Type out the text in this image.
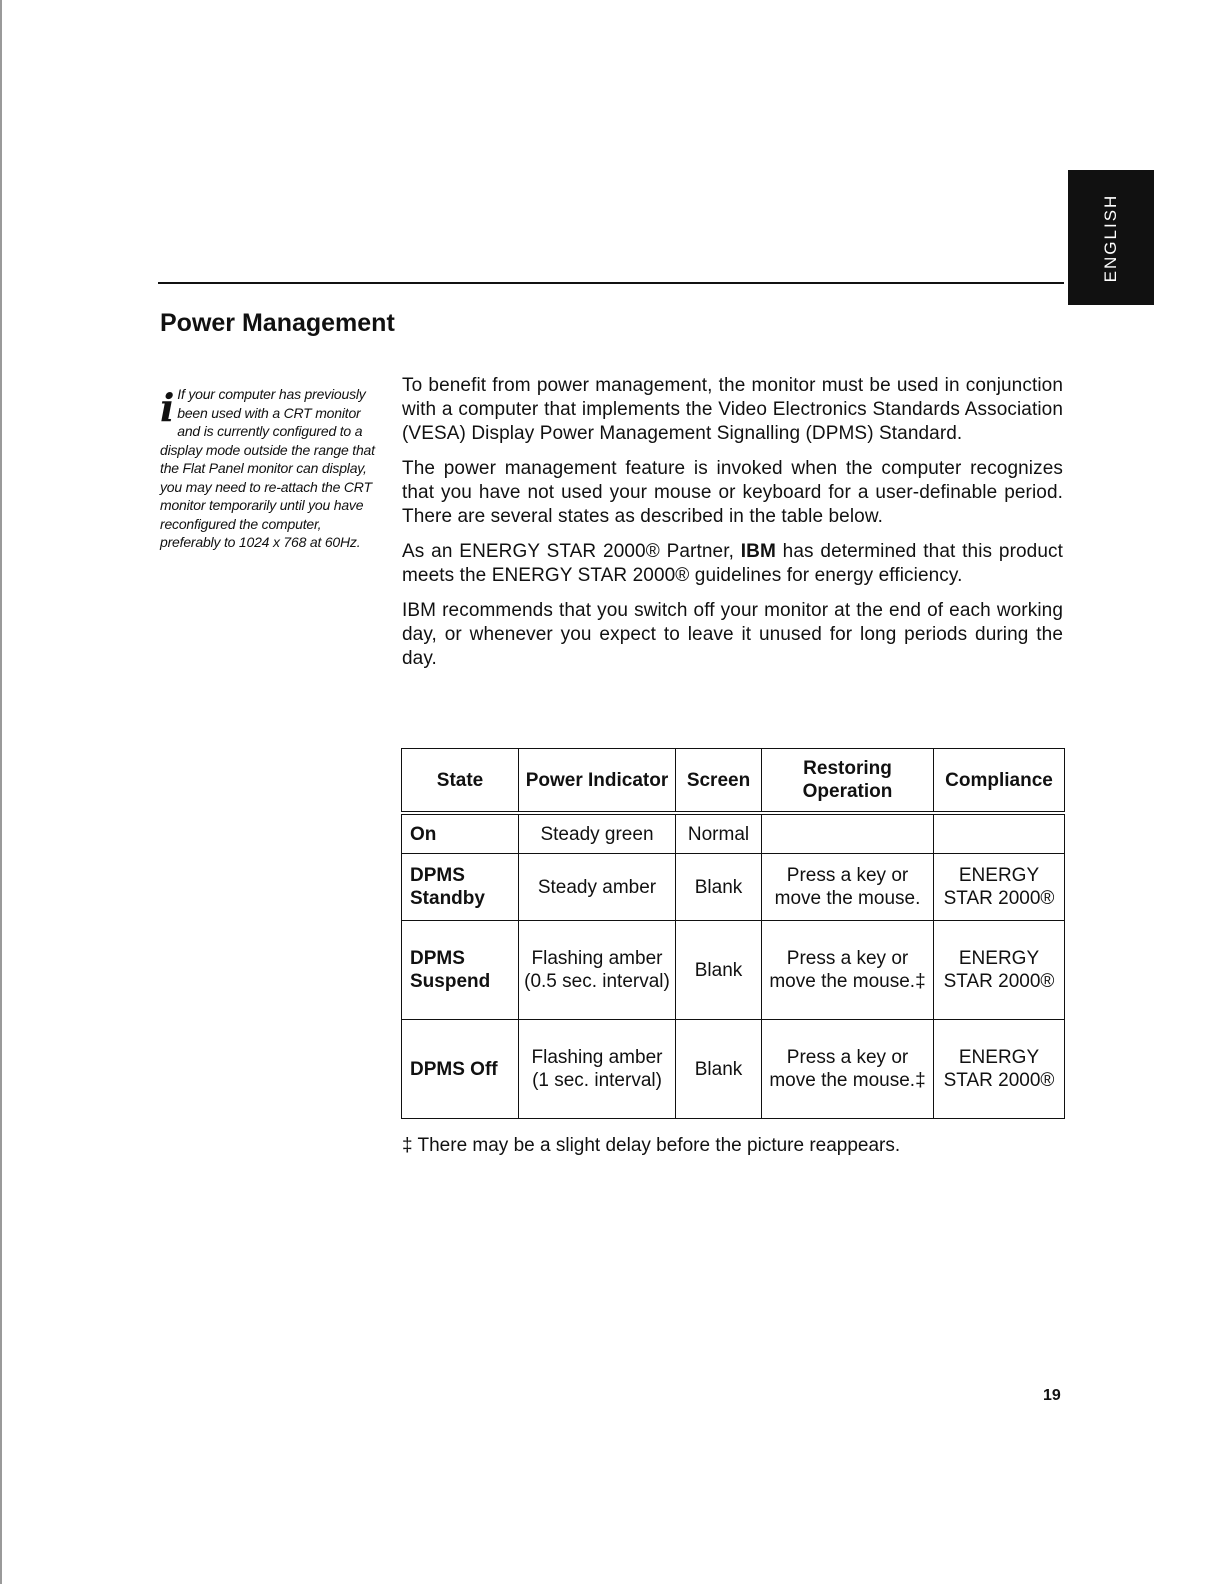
ENGLISH
Power Management
i If your computer has previously been used with a CRT monitor and is currently configured to a display mode outside the range that the Flat Panel monitor can display, you may need to re-attach the CRT monitor temporarily until you have reconfigured the computer, preferably to 1024 x 768 at 60Hz.

To benefit from power management, the monitor must be used in conjunction with a computer that implements the Video Electronics Standards Association (VESA) Display Power Management Signalling (DPMS) Standard.

The power management feature is invoked when the computer recognizes that you have not used your mouse or keyboard for a user-definable period. There are several states as described in the table below.

As an ENERGY STAR 2000® Partner, IBM has determined that this product meets the ENERGY STAR 2000® guidelines for energy efficiency.

IBM recommends that you switch off your monitor at the end of each working day, or whenever you expect to leave it unused for long periods during the day.

State	Power Indicator	Screen	Restoring Operation	Compliance
On	Steady green	Normal		
DPMS Standby	Steady amber	Blank	Press a key or move the mouse.	ENERGY STAR 2000®
DPMS Suspend	Flashing amber (0.5 sec. interval)	Blank	Press a key or move the mouse.‡	ENERGY STAR 2000®
DPMS Off	Flashing amber (1 sec. interval)	Blank	Press a key or move the mouse.‡	ENERGY STAR 2000®
‡ There may be a slight delay before the picture reappears.
19
